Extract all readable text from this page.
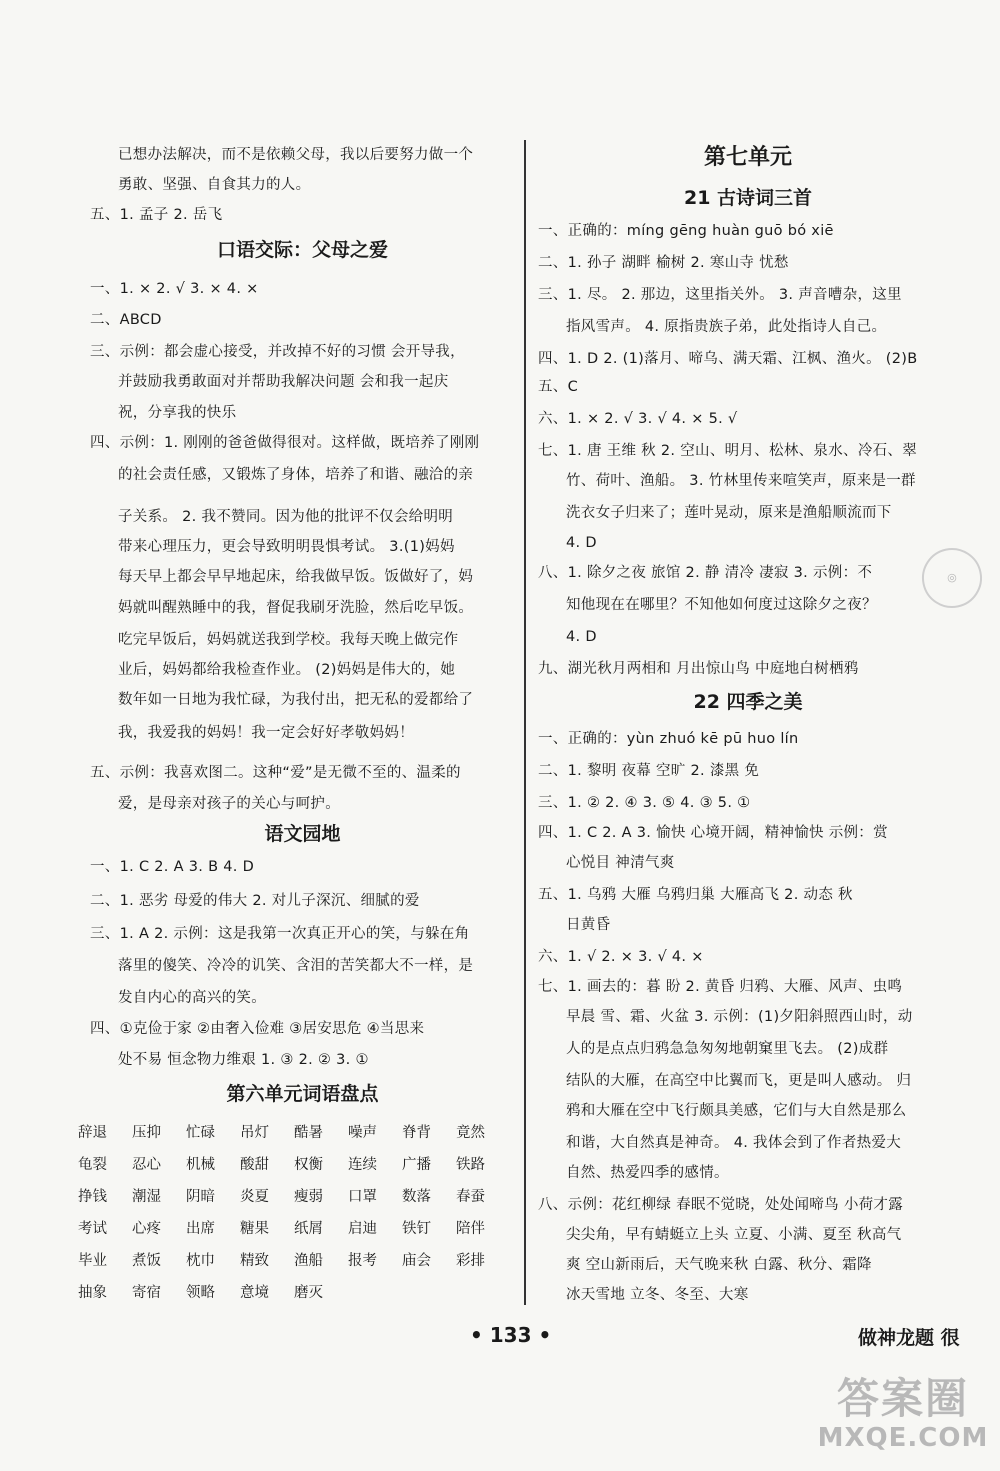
已想办法解决，而不是依赖父母，我以后要努力做一个
勇敢、坚强、自食其力的人。
五、1. 孟子 2. 岳飞
口语交际：父母之爱
一、1. × 2. √ 3. × 4. ×
二、ABCD
三、示例：都会虚心接受，并改掉不好的习惯 会开导我，
并鼓励我勇敢面对并帮助我解决问题 会和我一起庆
祝，分享我的快乐
四、示例：1. 刚刚的爸爸做得很对。这样做，既培养了刚刚
的社会责任感，又锻炼了身体，培养了和谐、融洽的亲
子关系。 2. 我不赞同。因为他的批评不仅会给明明
带来心理压力，更会导致明明畏惧考试。 3.(1)妈妈
每天早上都会早早地起床，给我做早饭。饭做好了，妈
妈就叫醒熟睡中的我，督促我刷牙洗脸，然后吃早饭。
吃完早饭后，妈妈就送我到学校。我每天晚上做完作
业后，妈妈都给我检查作业。 (2)妈妈是伟大的，她
数年如一日地为我忙碌，为我付出，把无私的爱都给了
我，我爱我的妈妈！我一定会好好孝敬妈妈！
五、示例：我喜欢图二。这种“爱”是无微不至的、温柔的
爱，是母亲对孩子的关心与呵护。
语文园地
一、1. C 2. A 3. B 4. D
二、1. 恶劣 母爱的伟大 2. 对儿子深沉、细腻的爱
三、1. A 2. 示例：这是我第一次真正开心的笑，与躲在角
落里的傻笑、冷冷的讥笑、含泪的苦笑都大不一样，是
发自内心的高兴的笑。
四、①克俭于家 ②由奢入俭难 ③居安思危 ④当思来
处不易 恒念物力维艰 1. ③ 2. ② 3. ①
第六单元词语盘点
辞退	压抑	忙碌	吊灯	酷暑	噪声	脊背	竟然
龟裂	忍心	机械	酸甜	权衡	连续	广播	铁路
挣钱	潮湿	阴暗	炎夏	瘦弱	口罩	数落	春蚕
考试	心疼	出席	糖果	纸屑	启迪	铁钉	陪伴
毕业	煮饭	枕巾	精致	渔船	报考	庙会	彩排
抽象	寄宿	领略	意境	磨灭
第七单元
21 古诗词三首
一、正确的：míng gēng huàn guō bó xiē
二、1. 孙子 湖畔 榆树 2. 寒山寺 忧愁
三、1. 尽。 2. 那边，这里指关外。 3. 声音嘈杂，这里
指风雪声。 4. 原指贵族子弟，此处指诗人自己。
四、1. D 2. (1)落月、啼乌、满天霜、江枫、渔火。 (2)B
五、C
六、1. × 2. √ 3. √ 4. × 5. √
七、1. 唐 王维 秋 2. 空山、明月、松林、泉水、冷石、翠
竹、荷叶、渔船。 3. 竹林里传来喧笑声，原来是一群
洗衣女子归来了；莲叶晃动，原来是渔船顺流而下
4. D
八、1. 除夕之夜 旅馆 2. 静 清冷 凄寂 3. 示例：不
知他现在在哪里？不知他如何度过这除夕之夜？
4. D
九、湖光秋月两相和 月出惊山鸟 中庭地白树栖鸦
22 四季之美
一、正确的：yùn zhuó kē pū huo lín
二、1. 黎明 夜幕 空旷 2. 漆黑 免
三、1. ② 2. ④ 3. ⑤ 4. ③ 5. ①
四、1. C 2. A 3. 愉快 心境开阔，精神愉快 示例：赏
心悦目 神清气爽
五、1. 乌鸦 大雁 乌鸦归巢 大雁高飞 2. 动态 秋
日黄昏
六、1. √ 2. × 3. √ 4. ×
七、1. 画去的：暮 盼 2. 黄昏 归鸦、大雁、风声、虫鸣
早晨 雪、霜、火盆 3. 示例：(1)夕阳斜照西山时，动
人的是点点归鸦急急匆匆地朝窠里飞去。 (2)成群
结队的大雁，在高空中比翼而飞，更是叫人感动。 归
鸦和大雁在空中飞行颇具美感，它们与大自然是那么
和谐，大自然真是神奇。 4. 我体会到了作者热爱大
自然、热爱四季的感情。
八、示例：花红柳绿 春眠不觉晓，处处闻啼鸟 小荷才露
尖尖角，早有蜻蜓立上头 立夏、小满、夏至 秋高气
爽 空山新雨后，天气晚来秋 白露、秋分、霜降
冰天雪地 立冬、冬至、大寒
◎
• 133 •	做神龙题 很
答案圈
MXQE.COM
